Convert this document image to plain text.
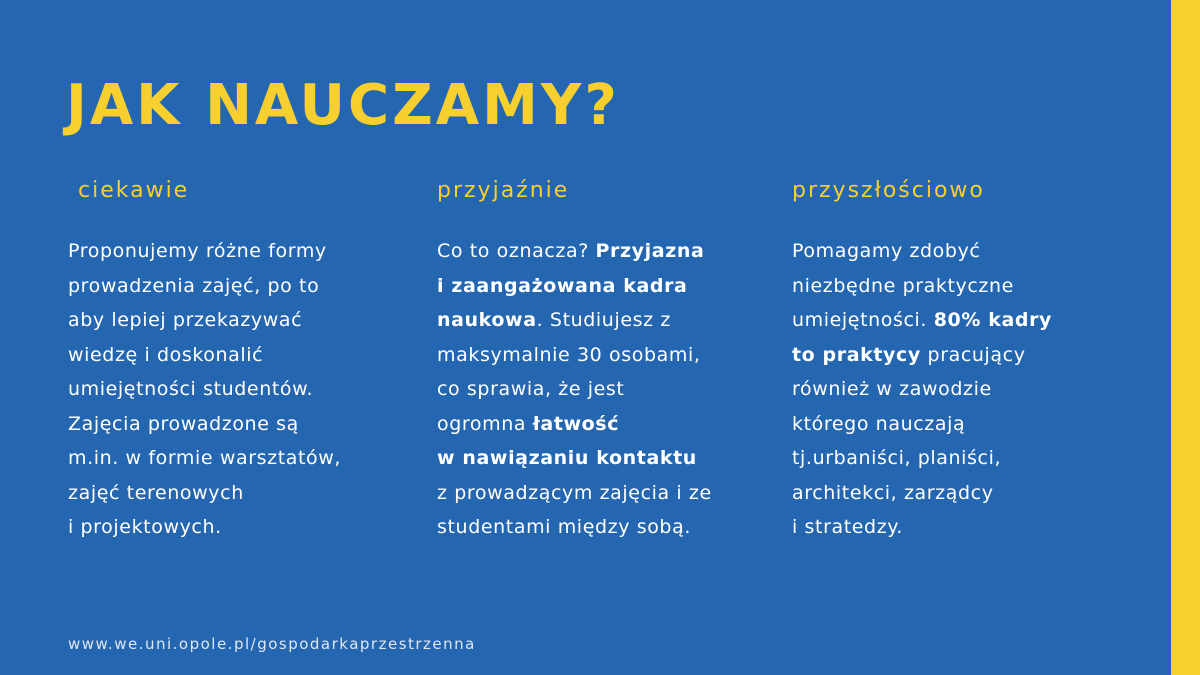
JAK NAUCZAMY?
ciekawie

Proponujemy różne formy
prowadzenia zajęć, po to
aby lepiej przekazywać
wiedzę i doskonalić
umiejętności studentów.
Zajęcia prowadzone są
m.in. w formie warsztatów,
zajęć terenowych
i projektowych.

przyjaźnie

Co to oznacza? Przyjazna
i zaangażowana kadra
naukowa. Studiujesz z
maksymalnie 30 osobami,
co sprawia, że jest
ogromna łatwość
w nawiązaniu kontaktu
z prowadzącym zajęcia i ze
studentami między sobą.

przyszłościowo

Pomagamy zdobyć
niezbędne praktyczne
umiejętności. 80% kadry
to praktycy pracujący
również w zawodzie
którego nauczają
tj.urbaniści, planiści,
architekci, zarządcy
i stratedzy.

www.we.uni.opole.pl/gospodarkaprzestrzenna
